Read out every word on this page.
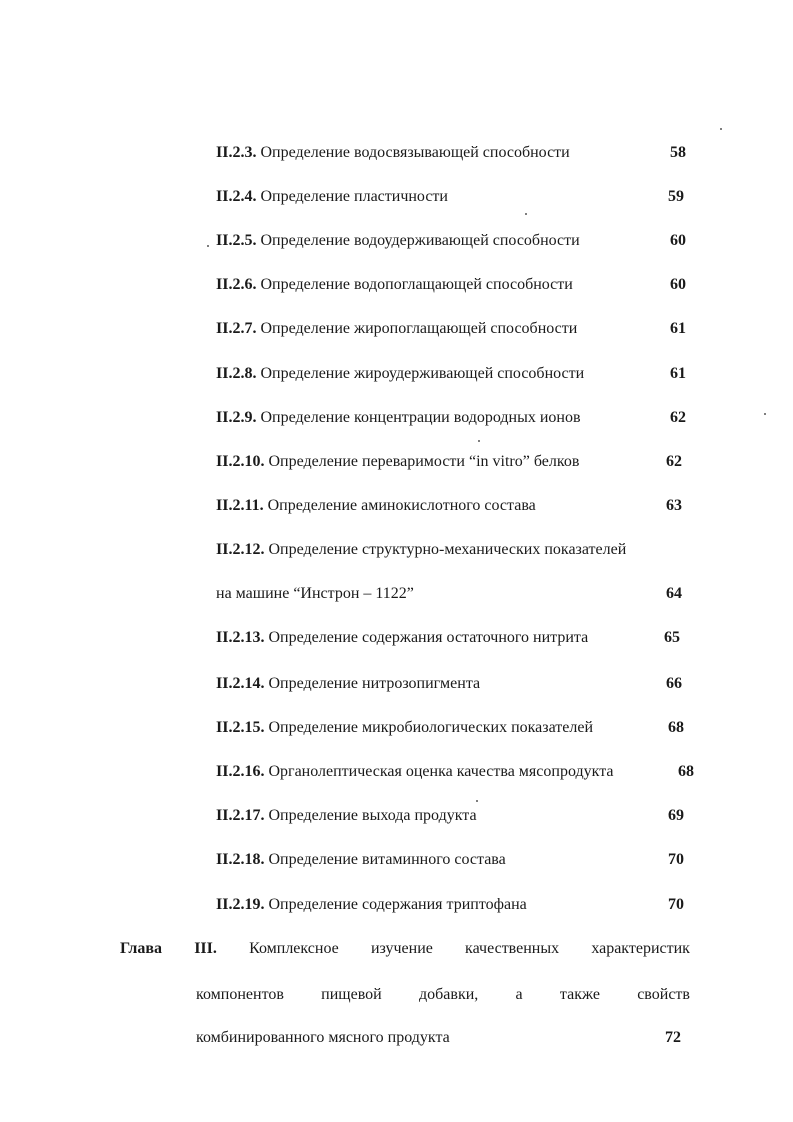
II.2.3. Определение водосвязывающей способности	58
II.2.4. Определение пластичности	59
II.2.5. Определение водоудерживающей способности	60
II.2.6. Определение водопоглащающей способности	60
II.2.7. Определение жиропоглащающей способности	61
II.2.8. Определение жироудерживающей способности	61
II.2.9. Определение концентрации водородных ионов	62
II.2.10. Определение переваримости “in vitro” белков	62
II.2.11. Определение аминокислотного состава	63
II.2.12. Определение структурно-механических показателей
на машине “Инстрон – 1122”	64
II.2.13. Определение содержания остаточного нитрита	65
II.2.14. Определение нитрозопигмента	66
II.2.15. Определение микробиологических показателей	68
II.2.16. Органолептическая оценка качества мясопродукта	68
II.2.17. Определение выхода продукта	69
II.2.18. Определение витаминного состава	70
II.2.19. Определение содержания триптофана	70
Глава III. Комплексное изучение качественных характеристик
компонентов пищевой добавки, а также свойств
комбинированного мясного продукта	72
